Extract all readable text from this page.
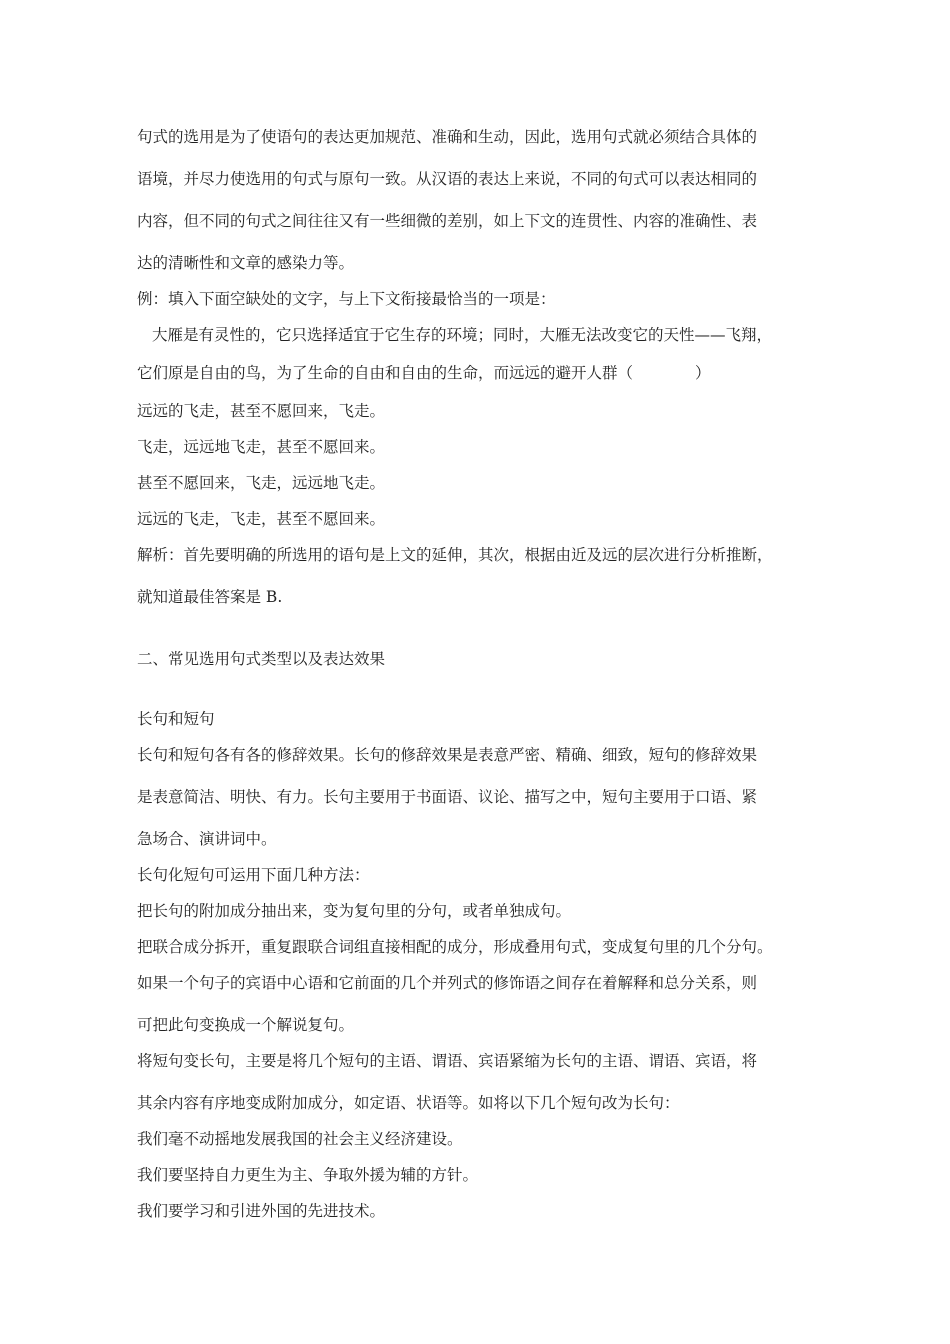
句式的选用是为了使语句的表达更加规范、准确和生动，因此，选用句式就必须结合具体的
语境，并尽力使选用的句式与原句一致。从汉语的表达上来说，不同的句式可以表达相同的
内容，但不同的句式之间往往又有一些细微的差别，如上下文的连贯性、内容的准确性、表
达的清晰性和文章的感染力等。
例：填入下面空缺处的文字，与上下文衔接最恰当的一项是：
大雁是有灵性的，它只选择适宜于它生存的环境；同时，大雁无法改变它的天性——飞翔，
它们原是自由的鸟，为了生命的自由和自由的生命，而远远的避开人群（　　　　）
远远的飞走，甚至不愿回来，飞走。
飞走，远远地飞走，甚至不愿回来。
甚至不愿回来，飞走，远远地飞走。
远远的飞走，飞走，甚至不愿回来。
解析：首先要明确的所选用的语句是上文的延伸，其次，根据由近及远的层次进行分析推断，
就知道最佳答案是 B.
二、常见选用句式类型以及表达效果
长句和短句
长句和短句各有各的修辞效果。长句的修辞效果是表意严密、精确、细致，短句的修辞效果
是表意简洁、明快、有力。长句主要用于书面语、议论、描写之中，短句主要用于口语、紧
急场合、演讲词中。
长句化短句可运用下面几种方法：
把长句的附加成分抽出来，变为复句里的分句，或者单独成句。
把联合成分拆开，重复跟联合词组直接相配的成分，形成叠用句式，变成复句里的几个分句。
如果一个句子的宾语中心语和它前面的几个并列式的修饰语之间存在着解释和总分关系，则
可把此句变换成一个解说复句。
将短句变长句，主要是将几个短句的主语、谓语、宾语紧缩为长句的主语、谓语、宾语，将
其余内容有序地变成附加成分，如定语、状语等。如将以下几个短句改为长句：
我们毫不动摇地发展我国的社会主义经济建设。
我们要坚持自力更生为主、争取外援为辅的方针。
我们要学习和引进外国的先进技术。
